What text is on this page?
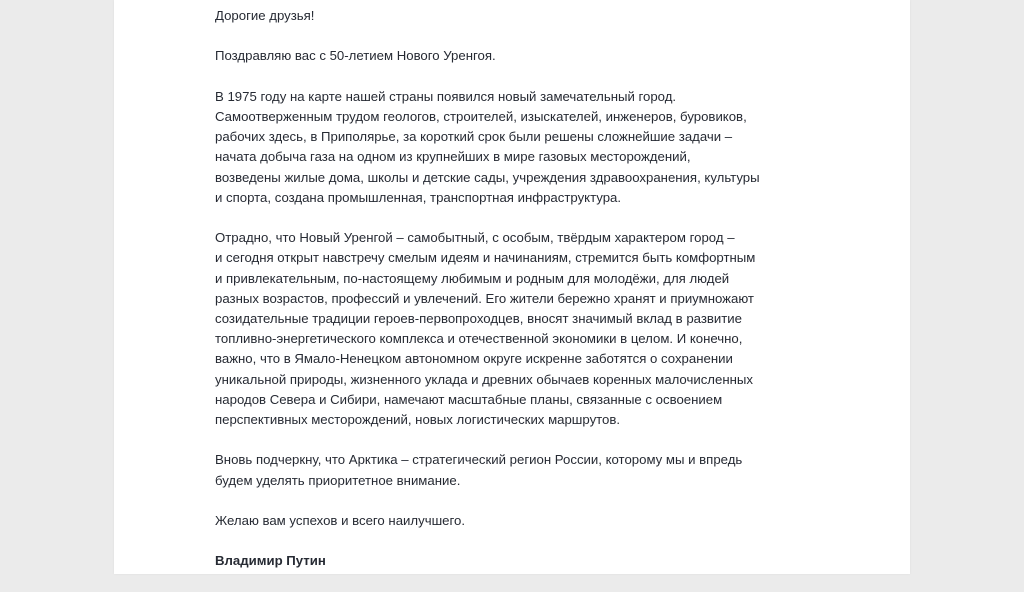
Дорогие друзья!

Поздравляю вас с 50-летием Нового Уренгоя.

В 1975 году на карте нашей страны появился новый замечательный город.
Самоотверженным трудом геологов, строителей, изыскателей, инженеров, буровиков,
рабочих здесь, в Приполярье, за короткий срок были решены сложнейшие задачи –
начата добыча газа на одном из крупнейших в мире газовых месторождений,
возведены жилые дома, школы и детские сады, учреждения здравоохранения, культуры
и спорта, создана промышленная, транспортная инфраструктура.

Отрадно, что Новый Уренгой – самобытный, с особым, твёрдым характером город –
и сегодня открыт навстречу смелым идеям и начинаниям, стремится быть комфортным
и привлекательным, по-настоящему любимым и родным для молодёжи, для людей
разных возрастов, профессий и увлечений. Его жители бережно хранят и приумножают
созидательные традиции героев-первопроходцев, вносят значимый вклад в развитие
топливно-энергетического комплекса и отечественной экономики в целом. И конечно,
важно, что в Ямало-Ненецком автономном округе искренне заботятся о сохранении
уникальной природы, жизненного уклада и древних обычаев коренных малочисленных
народов Севера и Сибири, намечают масштабные планы, связанные с освоением
перспективных месторождений, новых логистических маршрутов.

Вновь подчеркну, что Арктика – стратегический регион России, которому мы и впредь
будем уделять приоритетное внимание.

Желаю вам успехов и всего наилучшего.

Владимир Путин
